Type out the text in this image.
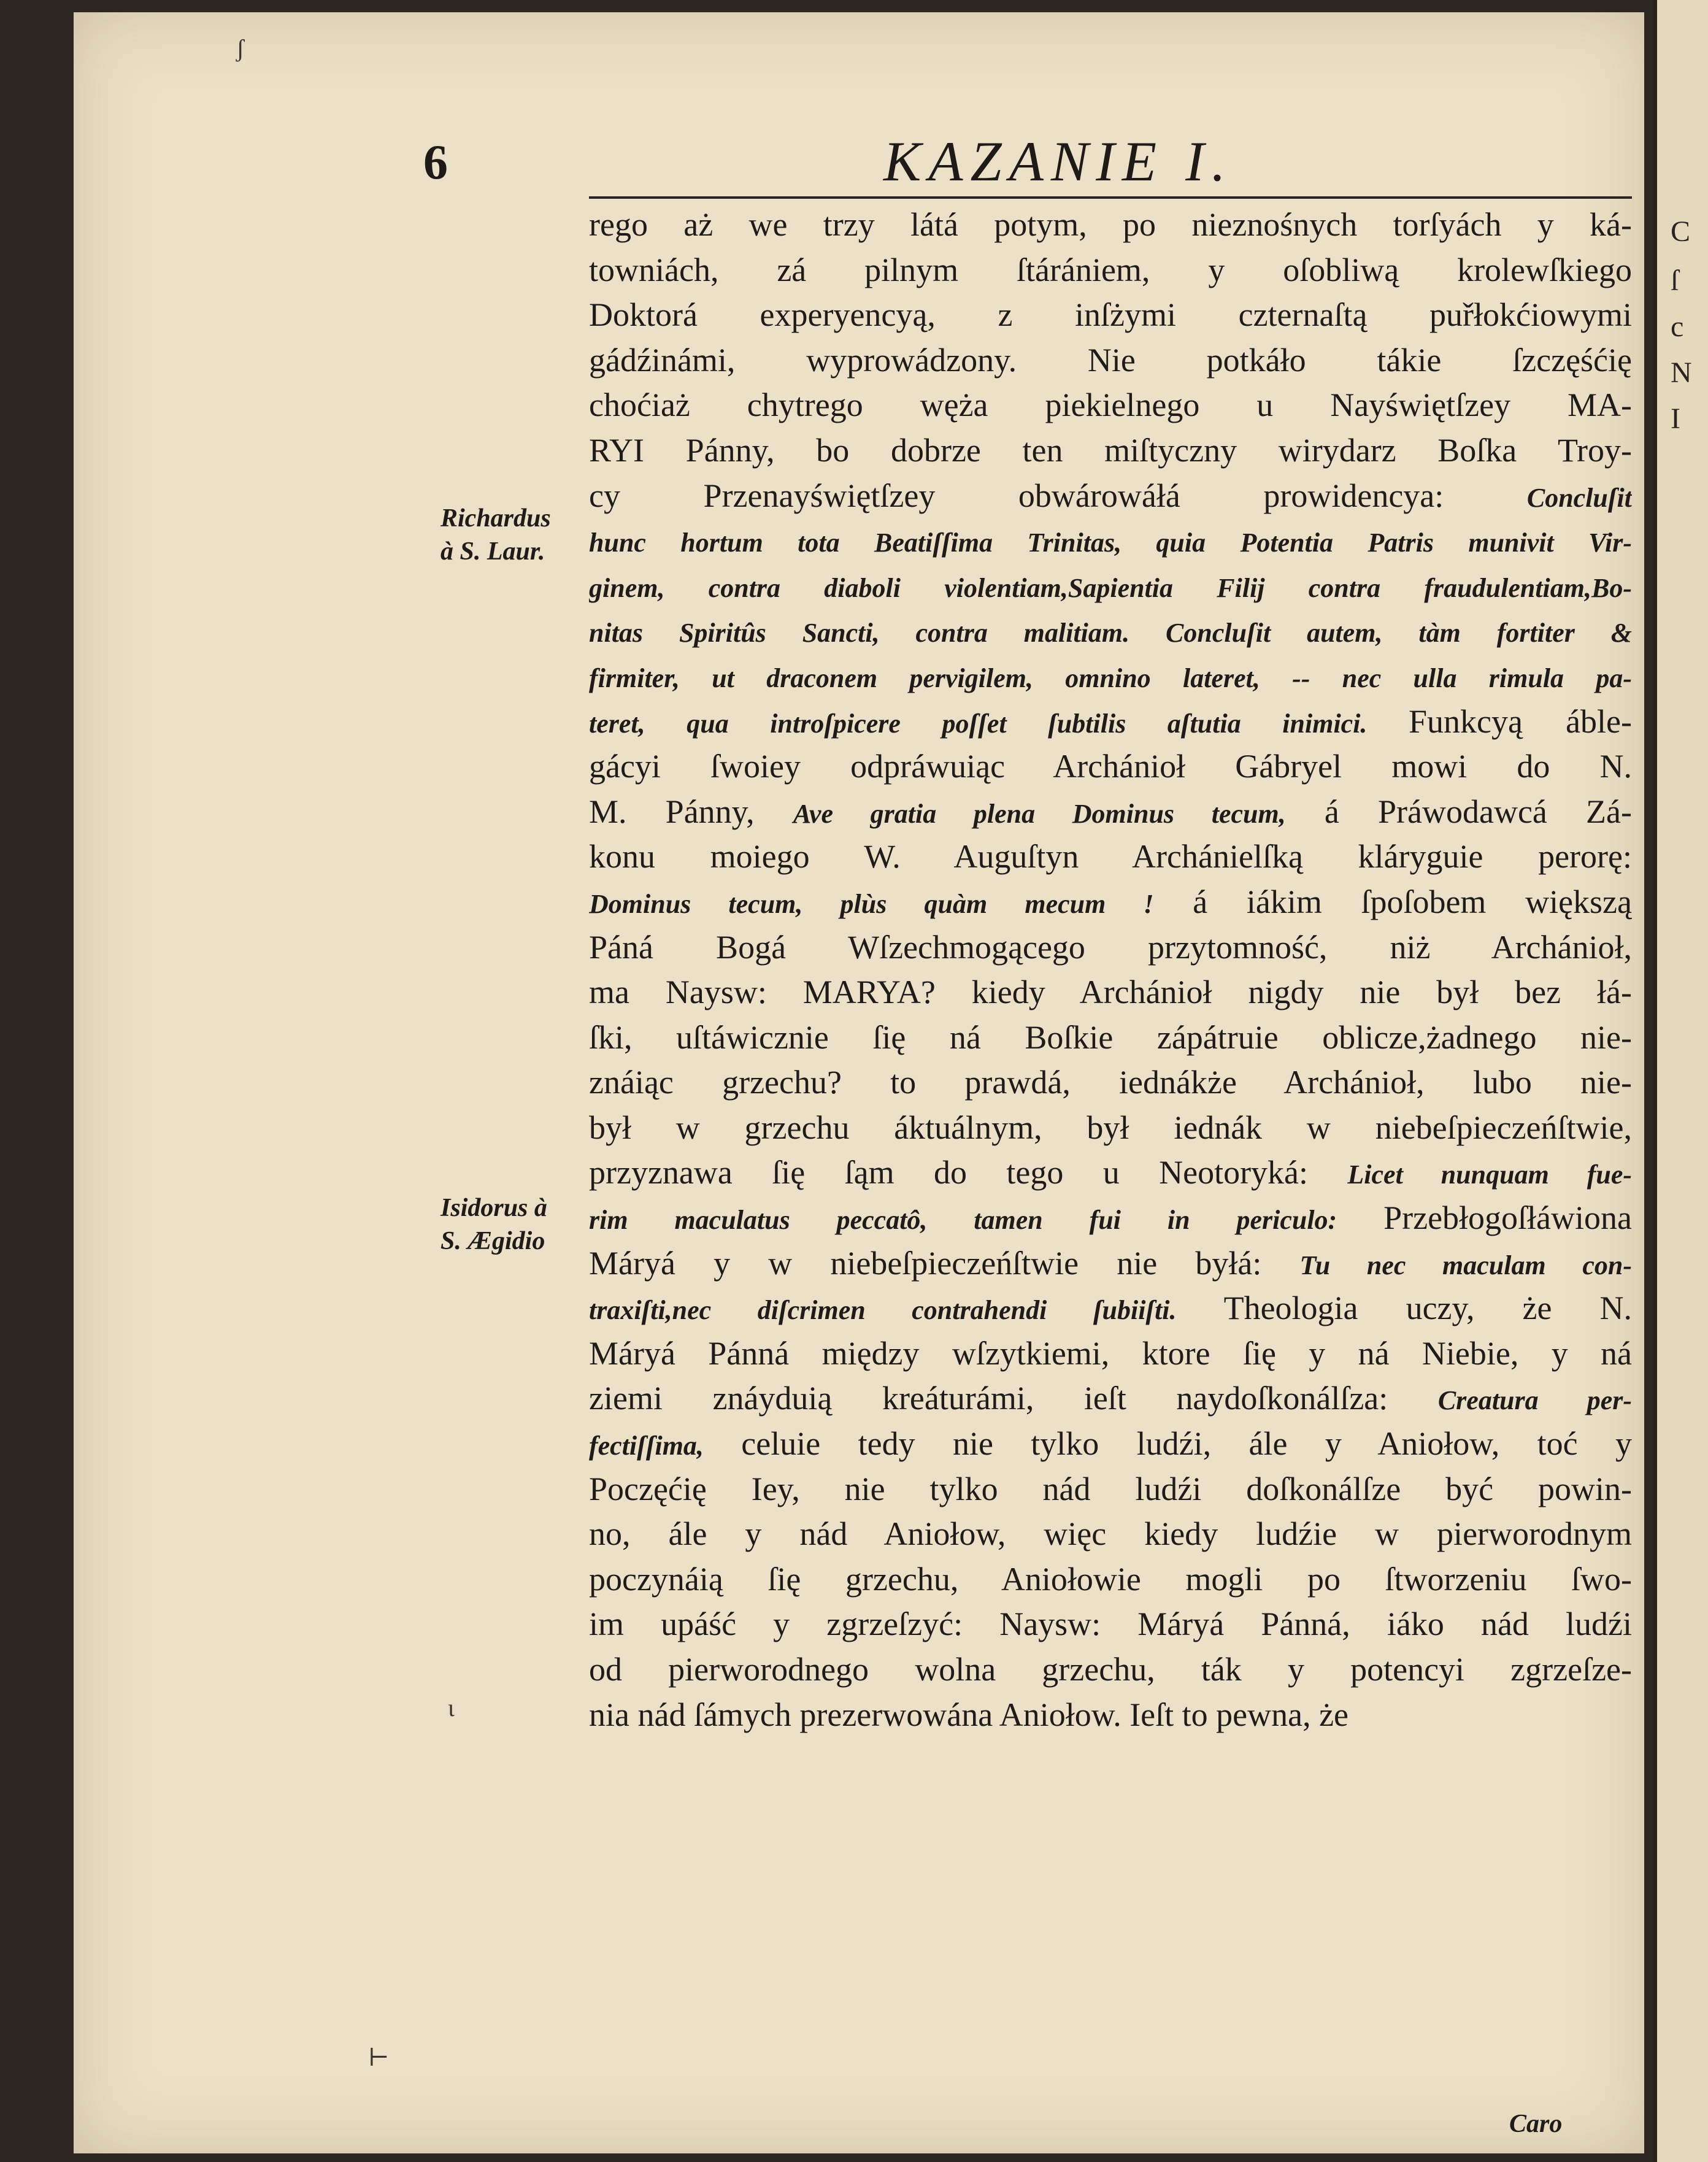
C
ſ
c
N
I
ʃ
⊢
ɩ
6	KAZANIE I.
Richardus
à S. Laur.
Isidorus à
S. Ægidio
rego aż we trzy látá potym, po nieznośnych torſyách y ká-
towniách, zá pilnym ſtárániem, y oſobliwą krolewſkiego
Doktorá experyencyą, z inſżymi czternaſtą puřłokćiowymi
gádźinámi, wyprowádzony. Nie potkáło tákie ſzczęśćię
choćiaż chytrego węża piekielnego u Nayświętſzey MA-
RYI Pánny, bo dobrze ten miſtyczny wirydarz Boſka Troy-
cy Przenayświętſzey obwárowáłá prowidencya: Concluſit
hunc hortum tota Beatiſſima Trinitas, quia Potentia Patris munivit Vir-
ginem, contra diaboli violentiam,Sapientia Filij contra fraudulentiam,Bo-
nitas Spiritûs Sancti, contra malitiam. Concluſit autem, tàm fortiter &
firmiter, ut draconem pervigilem, omnino lateret, -- nec ulla rimula pa-
teret, qua introſpicere poſſet ſubtilis aſtutia inimici. Funkcyą áble-
gácyi ſwoiey odpráwuiąc Archánioł Gábryel mowi do N.
M. Pánny, Ave gratia plena Dominus tecum, á Práwodawcá Zá-
konu moiego W. Auguſtyn Archánielſką kláryguie perorę:
Dominus tecum, plùs quàm mecum ! á iákim ſpoſobem większą
Páná Bogá Wſzechmogącego przytomność, niż Archánioł,
ma Naysw: MARYA? kiedy Archánioł nigdy nie był bez łá-
ſki, uſtáwicznie ſię ná Boſkie zápátruie oblicze,żadnego nie-
znáiąc grzechu? to prawdá, iednákże Archánioł, lubo nie-
był w grzechu áktuálnym, był iednák w niebeſpieczeńſtwie,
przyznawa ſię ſąm do tego u Neotoryká: Licet nunquam fue-
rim maculatus peccatô, tamen fui in periculo: Przebłogoſłáwiona
Máryá y w niebeſpieczeńſtwie nie byłá: Tu nec maculam con-
traxiſti,nec diſcrimen contrahendi ſubiiſti. Theologia uczy, że N.
Máryá Pánná między wſzytkiemi, ktore ſię y ná Niebie, y ná
ziemi znáyduią kreáturámi, ieſt naydoſkonálſza: Creatura per-
fectiſſima, celuie tedy nie tylko ludźi, ále y Aniołow, toć y
Poczęćię Iey, nie tylko nád ludźi doſkonálſze być powin-
no, ále y nád Aniołow, więc kiedy ludźie w pierworodnym
poczynáią ſię grzechu, Aniołowie mogli po ſtworzeniu ſwo-
im upáść y zgrzeſzyć: Naysw: Máryá Pánná, iáko nád ludźi
od pierworodnego wolna grzechu, ták y potencyi zgrzeſze-
nia nád ſámych prezerwowána Aniołow. Ieſt to pewna, że
Caro
